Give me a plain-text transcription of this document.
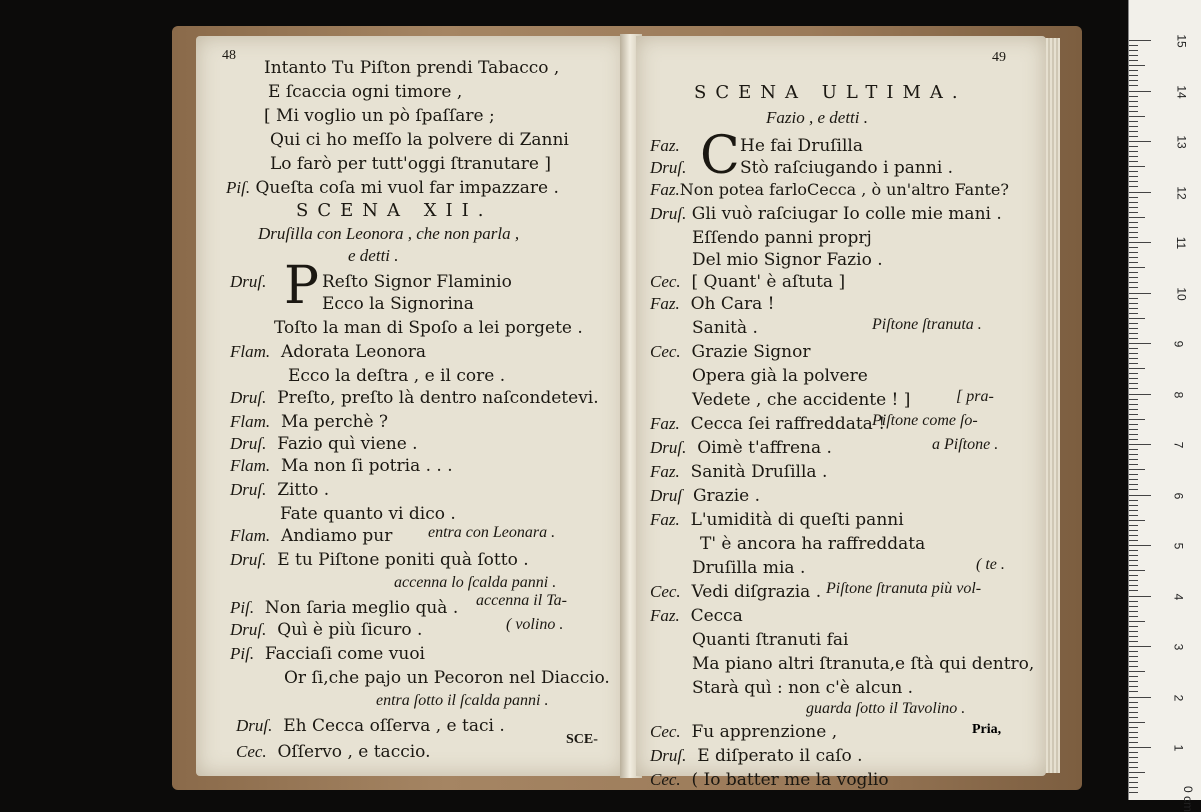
48
Intanto Tu Piſton prendi Tabacco ,
E ſcaccia ogni timore ,
[ Mi voglio un pò ſpaſſare ;
Qui ci ho meſſo la polvere di Zanni
Lo farò per tutt'oggi ſtranutare ]
Piſ. Queſta coſa mi vuol far impazzare .
SCENA XII.
Druſilla con Leonora , che non parla ,
e detti .
Druſ. P Reſto Signor Flaminio
Ecco la Signorina
Toſto la man di Spoſo a lei porgete .
Flam. Adorata Leonora
Ecco la deſtra , e il core .
Druſ. Preſto, preſto là dentro naſcondetevi.
Flam. Ma perchè ?
Druſ. Fazio quì viene .
Flam. Ma non ſi potria . . .
Druſ. Zitto .
Fate quanto vi dico .
Flam. Andiamo pur entra con Leonara .
Druſ. E tu Piſtone poniti quà ſotto .
accenna lo ſcalda panni .
Piſ. Non ſaria meglio quà . accenna il Ta-
Druſ. Quì è più ſicuro .	( volino .
Piſ. Facciaſi come vuoi
Or ſi,che pajo un Pecoron nel Diaccio.
entra ſotto il ſcalda panni .
Druſ. Eh Cecca oſſerva , e taci .
Cec. Oſſervo , e taccio.
SCE-
49
SCENA ULTIMA.
Fazio , e detti .
C
Faz.	He fai Druſilla
Druſ.	Stò raſciugando i panni .
Faz.Non potea farloCecca , ò un'altro Fante?
Druſ. Gli vuò raſciugar Io colle mie mani .
Eſſendo panni proprj
Del mio Signor Fazio .
Cec. [ Quant' è aſtuta ]
Faz. Oh Cara !
Sanità .	Piſtone ſtranuta .
Cec. Grazie Signor
Opera già la polvere
Vedete , che accidente ! ]	[ pra-
Faz. Cecca ſei raffreddata !
Piſtone come ſo-
Druſ. Oimè t'affrena .	a Piſtone .
Faz. Sanità Druſilla .
Druſ Grazie .
Faz. L'umidità di queſti panni
T' è ancora ha raffreddata
Druſilla mia .	( te .
Cec. Vedi diſgrazia . Piſtone ſtranuta più vol-
Faz. Cecca
Quanti ſtranuti fai
Ma piano altri ſtranuta,e ſtà qui dentro,
Starà quì : non c'è alcun .
guarda ſotto il Tavolino .
Cec. Fu apprenzione ,
Druſ. E diſperato il caſo .
Cec. ( Io batter me la voglio
Pria,
15
14
13
12
11
10
9
8
7
6
5
4
3
2
1
0 cm
